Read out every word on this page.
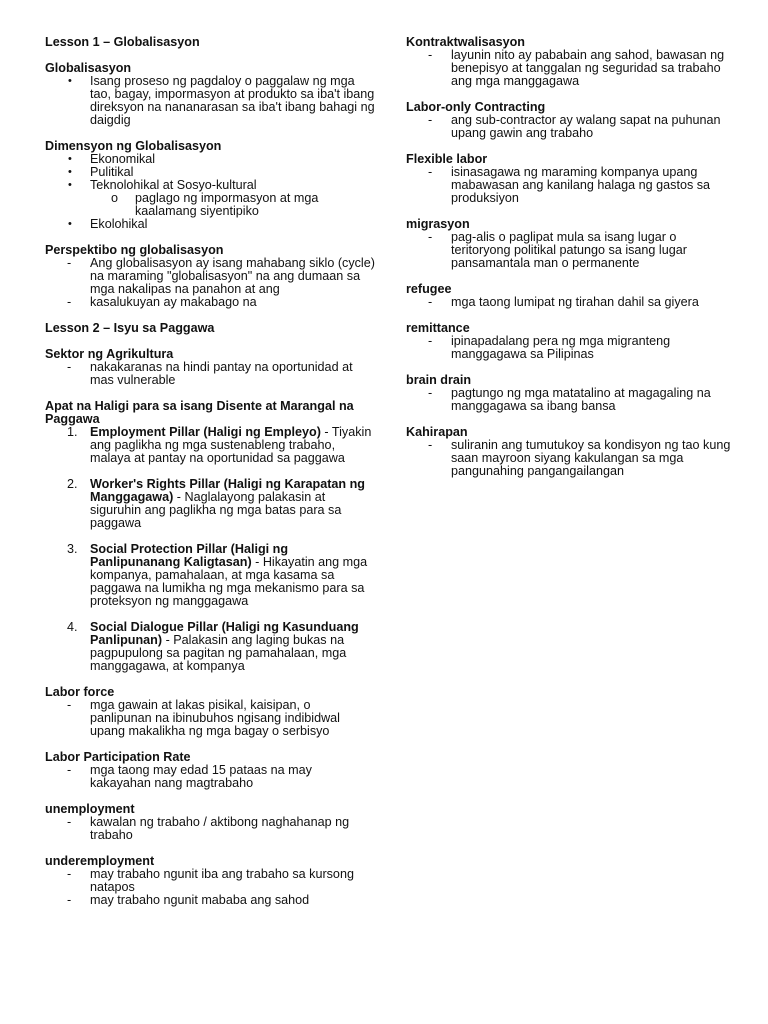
Lesson 1 – Globalisasyon
Globalisasyon
• Isang proseso ng pagdaloy o paggalaw ng mga tao, bagay, impormasyon at produkto sa iba't ibang direksyon na nananarasan sa iba't ibang bahagi ng daigdig
Dimensyon ng Globalisasyon
• Ekonomikal
• Pulitikal
• Teknolohikal at Sosyo-kultural
o paglago ng impormasyon at mga kaalamang siyentipiko
• Ekolohikal
Perspektibo ng globalisasyon
- Ang globalisasyon ay isang mahabang siklo (cycle) na maraming "globalisasyon" na ang dumaan sa mga nakalipas na panahon at ang
- kasalukuyan ay makabago na
Lesson 2 – Isyu sa Paggawa
Sektor ng Agrikultura
- nakakaranas na hindi pantay na oportunidad at mas vulnerable
Apat na Haligi para sa isang Disente at Marangal na Paggawa
1. Employment Pillar (Haligi ng Empleyo) - Tiyakin ang paglikha ng mga sustenableng trabaho, malaya at pantay na oportunidad sa paggawa
2. Worker's Rights Pillar (Haligi ng Karapatan ng Manggagawa) - Naglalayong palakasin at siguruhin ang paglikha ng mga batas para sa paggawa
3. Social Protection Pillar (Haligi ng Panlipunanang Kaligtasan) - Hikayatin ang mga kompanya, pamahalaan, at mga kasama sa paggawa na lumikha ng mga mekanismo para sa proteksyon ng manggagawa
4. Social Dialogue Pillar (Haligi ng Kasunduang Panlipunan) - Palakasin ang laging bukas na pagpupulong sa pagitan ng pamahalaan, mga manggagawa, at kompanya
Labor force
- mga gawain at lakas pisikal, kaisipan, o panlipunan na ibinubuhos ngisang indibidwal upang makalikha ng mga bagay o serbisyo
Labor Participation Rate
- mga taong may edad 15 pataas na may kakayahan nang magtrabaho
unemployment
- kawalan ng trabaho / aktibong naghahanap ng trabaho
underemployment
- may trabaho ngunit iba ang trabaho sa kursong natapos
- may trabaho ngunit mababa ang sahod
Kontraktwalisasyon
- layunin nito ay pababain ang sahod, bawasan ng benepisyo at tanggalan ng seguridad sa trabaho ang mga manggagawa
Labor-only Contracting
- ang sub-contractor ay walang sapat na puhunan upang gawin ang trabaho
Flexible labor
- isinasagawa ng maraming kompanya upang mabawasan ang kanilang halaga ng gastos sa produksiyon
migrasyon
- pag-alis o paglipat mula sa isang lugar o teritoryong politikal patungo sa isang lugar pansamantala man o permanente
refugee
- mga taong lumipat ng tirahan dahil sa giyera
remittance
- ipinapadalang pera ng mga migranteng manggagawa sa Pilipinas
brain drain
- pagtungo ng mga matatalino at magagaling na manggagawa sa ibang bansa
Kahirapan
- suliranin ang tumutukoy sa kondisyon ng tao kung saan mayroon siyang kakulangan sa mga pangunahing pangangailangan
